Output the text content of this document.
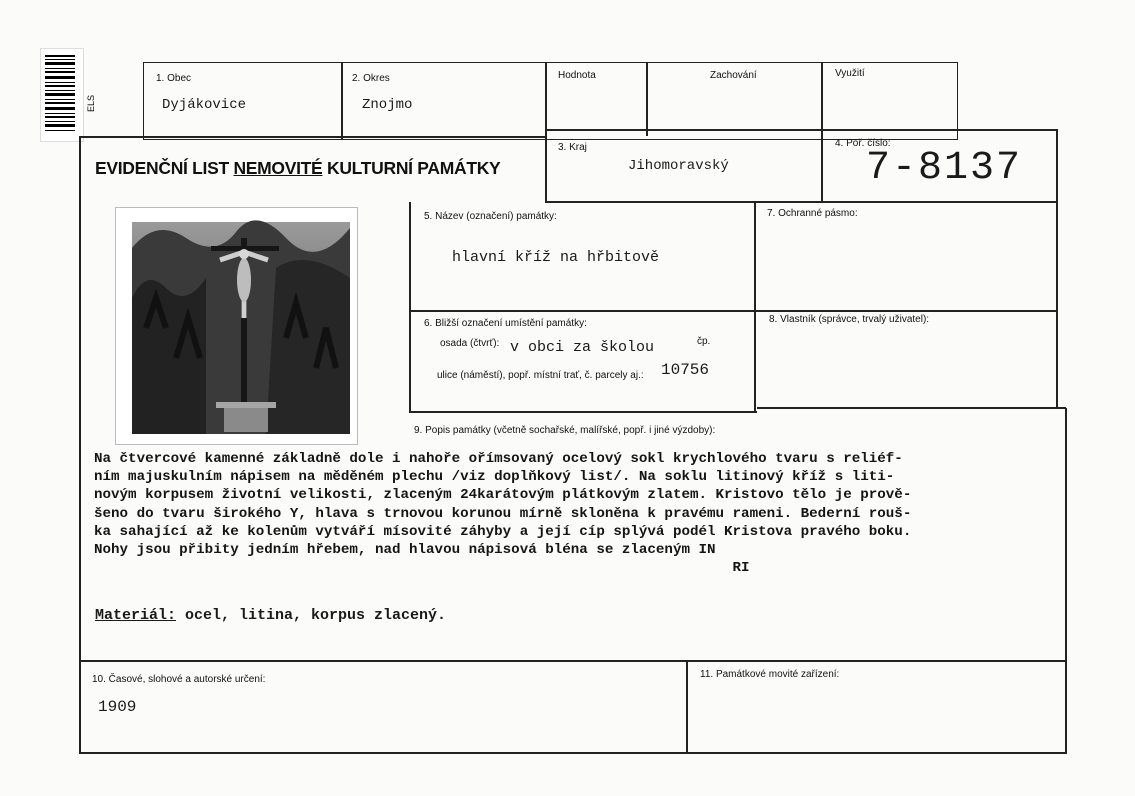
ELS
1. Obec
Dyjákovice
2. Okres
Znojmo
Hodnota	Zachování	Využití
EVIDENČNÍ LIST NEMOVITÉ KULTURNÍ PAMÁTKY
3. Kraj
Jihomoravský
4. Poř. číslo:
7-8137
5. Název (označení) památky:
hlavní kříž na hřbitově
7. Ochranné pásmo:
6. Bližší označení umístění památky:
osada (čtvrť): v obci za školou	čp.
ulice (náměstí), popř. místní trať, č. parcely aj.: 10756
8. Vlastník (správce, trvalý uživatel):
9. Popis památky (včetně sochařské, malířské, popř. i jiné výzdoby):
Na čtvercové kamenné základně dole i nahoře ořímsovaný ocelový sokl krychlového tvaru s reliéf-
ním majuskulním nápisem na měděném plechu /viz doplňkový list/. Na soklu litinový kříž s liti-
novým korpusem životní velikosti, zlaceným 24karátovým plátkovým zlatem. Kristovo tělo je prově-
šeno do tvaru širokého Y, hlava s trnovou korunou mírně skloněna k pravému rameni. Bederní rouš-
ka sahající až ke kolenům vytváří mísovité záhyby a její cíp splývá podél Kristova pravého boku.
Nohy jsou přibity jedním hřebem, nad hlavou nápisová bléna se zlaceným IN
RI
Materiál: ocel, litina, korpus zlacený.
10. Časové, slohové a autorské určení:
1909
11. Památkové movité zařízení:
